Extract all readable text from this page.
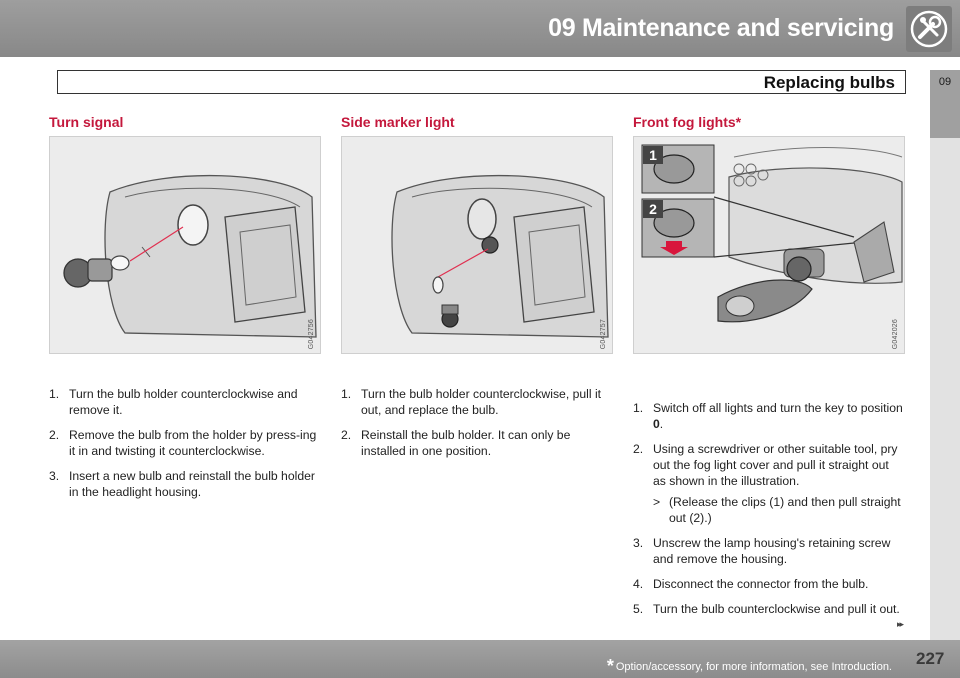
09 Maintenance and servicing
Replacing bulbs	09
Turn signal
G042756
1. Turn the bulb holder counterclockwise and remove it.
2. Remove the bulb from the holder by press-ing it in and twisting it counterclockwise.
3. Insert a new bulb and reinstall the bulb holder in the headlight housing.
Side marker light
G042757
1. Turn the bulb holder counterclockwise, pull it out, and replace the bulb.
2. Reinstall the bulb holder. It can only be installed in one position.
Front fog lights*
1
2
G042026
1. Switch off all lights and turn the key to position 0.
2. Using a screwdriver or other suitable tool, pry out the fog light cover and pull it straight out as shown in the illustration.
> (Release the clips (1) and then pull straight out (2).)
3. Unscrew the lamp housing's retaining screw and remove the housing.
4. Disconnect the connector from the bulb.
5. Turn the bulb counterclockwise and pull it out.
▸▸
* Option/accessory, for more information, see Introduction. 227
